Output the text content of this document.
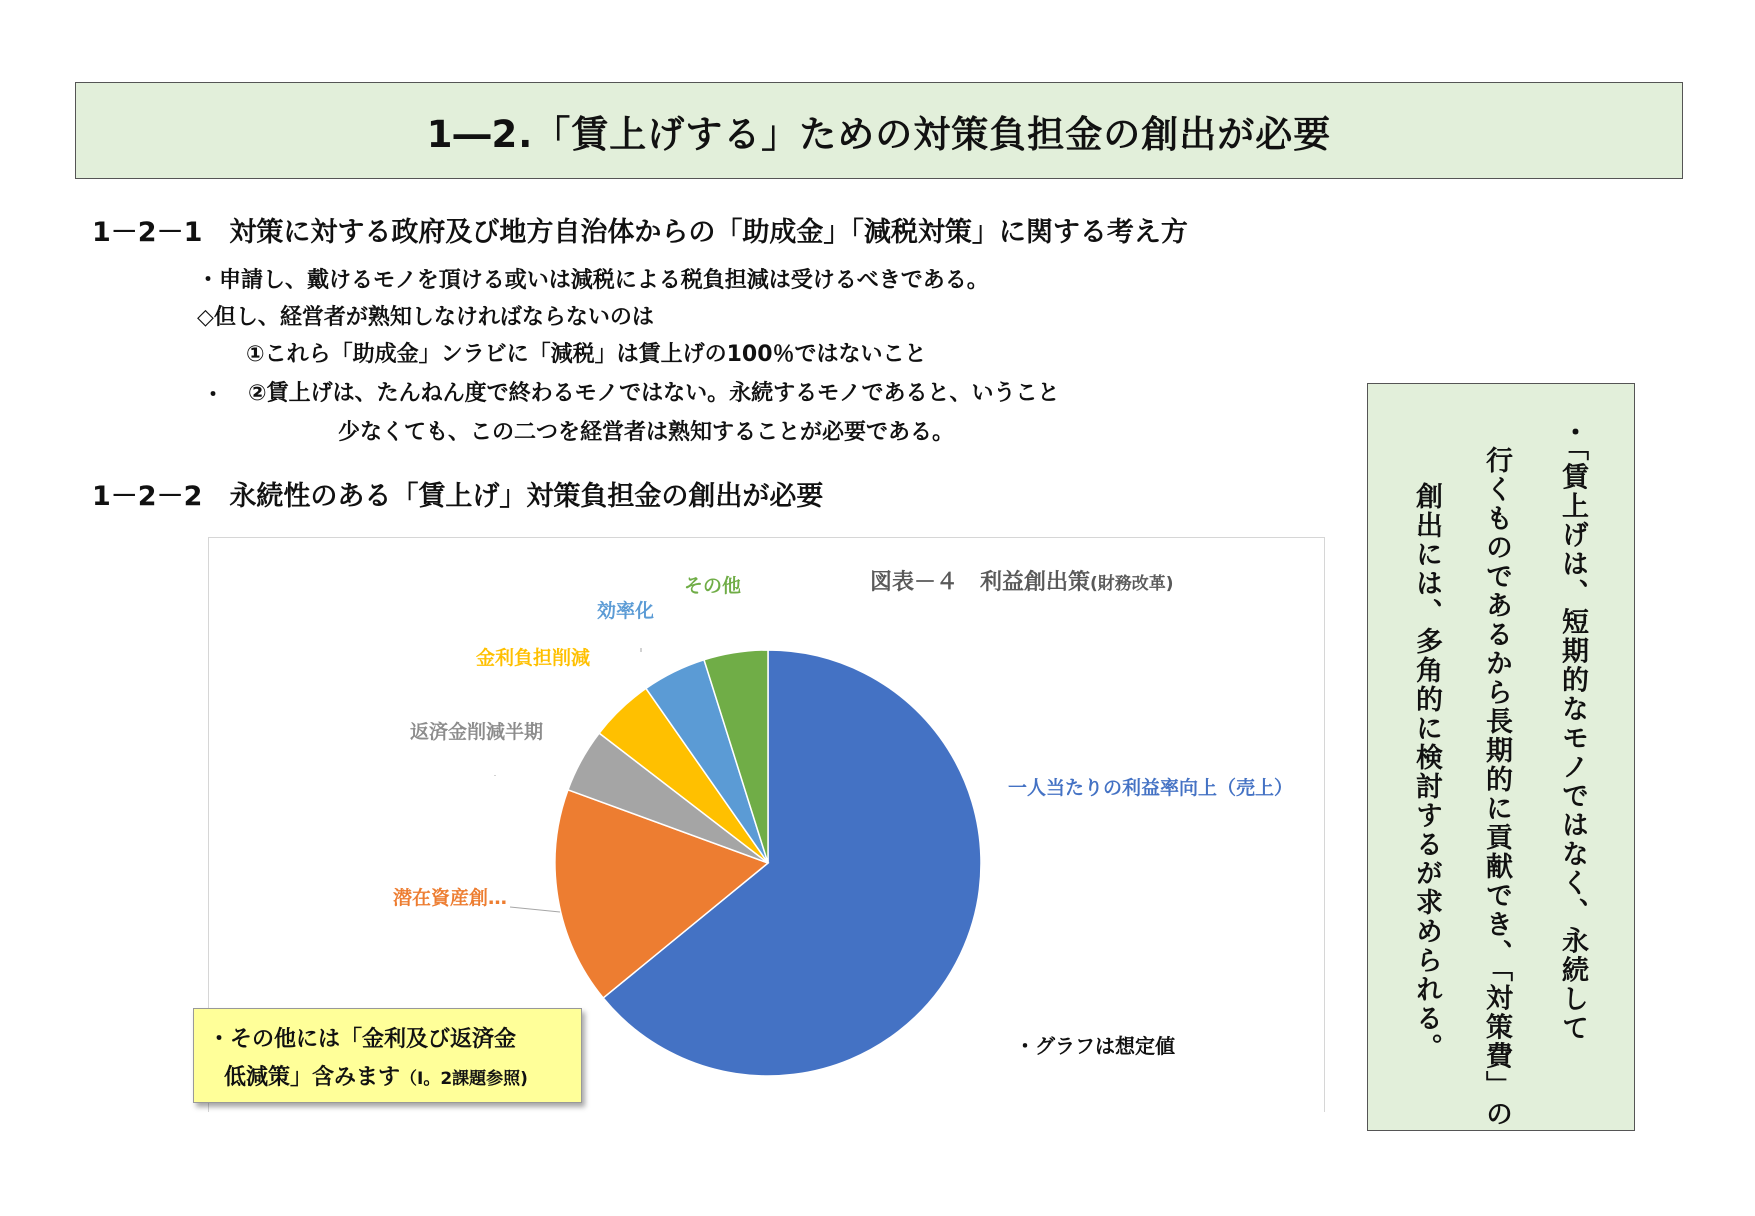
1―2.「賃上げする」ための対策負担金の創出が必要
1－2－1　対策に対する政府及び地方自治体からの「助成金」「減税対策」に関する考え方
・申請し、戴けるモノを頂ける或いは減税による税負担減は受けるべきである。
◇但し、経営者が熟知しなければならないのは
①これら「助成金」ンラビに「減税」は賃上げの100％ではないこと
・ ②賃上げは、たんねん度で終わるモノではない。永続するモノであると、いうこと
少なくても、この二つを経営者は熟知することが必要である。
1－2－2　永続性のある「賃上げ」対策負担金の創出が必要
図表－４　利益創出策(財務改革)
一人当たりの利益率向上（売上）
潜在資産創…
返済金削減半期
金利負担削減
効率化
その他
・その他には「金利及び返済金
低減策」含みます（Ⅰ。2課題参照)
・グラフは想定値
・「賃上げは、短期的なモノではなく、永続して
行くものであるから長期的に貢献でき、「対策費」の
創出には、多角的に検討するが求められる。
